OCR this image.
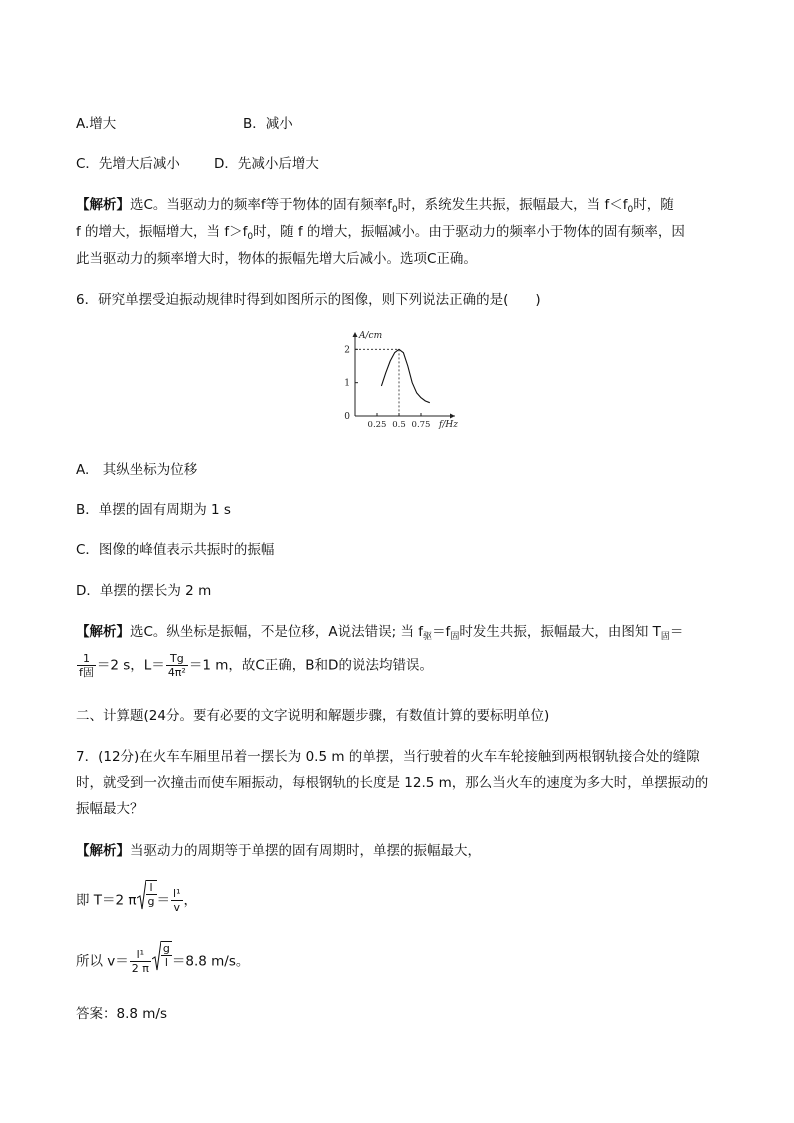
A.增大	B．减小
C．先增大后减小	D．先减小后增大
【解析】选C。当驱动力的频率f等于物体的固有频率$f_0$时，系统发生共振，振幅最大，当 $f<f_0$时，随
f 的增大，振幅增大，当 $f>f_0$时，随 f 的增大，振幅减小。由于驱动力的频率小于物体的固有频率，因
此当驱动力的频率增大时，物体的振幅先增大后减小。选项C正确。
6．研究单摆受迫振动规律时得到如图所示的图像，则下列说法正确的是(　　)
0
1
2
0.25 0.5 0.75
A/cm
f/Hz
A.　其纵坐标为位移
B．单摆的固有周期为 1 s
C．图像的峰值表示共振时的振幅
D．单摆的摆长为 2 m
【解析】选C。纵坐标是振幅，不是位移，A说法错误; 当 $f_驱=f_固$时发生共振，振幅最大，由图知 $T_固=$
$\frac{1}{\text{f固}} =2$ s，$L= \frac{Tg}{\text{4π²}} =1$ m，故C正确，B和D的说法均错误。
二、计算题(24分。要有必要的文字说明和解题步骤，有数值计算的要标明单位)
7．(12分)在火车车厢里吊着一摆长为 0.5 m 的单摆，当行驶着的火车车轮接触到两根钢轨接合处的缝隙
时，就受到一次撞击而使车厢振动，每根钢轨的长度是 12.5 m，那么当火车的速度为多大时，单摆振动的
振幅最大？
【解析】当驱动力的周期等于单摆的固有周期时，单摆的振幅最大，
即 T＝2 π $\frac{l}{g} = \frac{\text{l¹}}{v}$ ，
所以 $v= \frac{\text{l¹}}{2 \pi} \frac{g}{l} =8.8$ m/s。
答案：8.8 m/s
